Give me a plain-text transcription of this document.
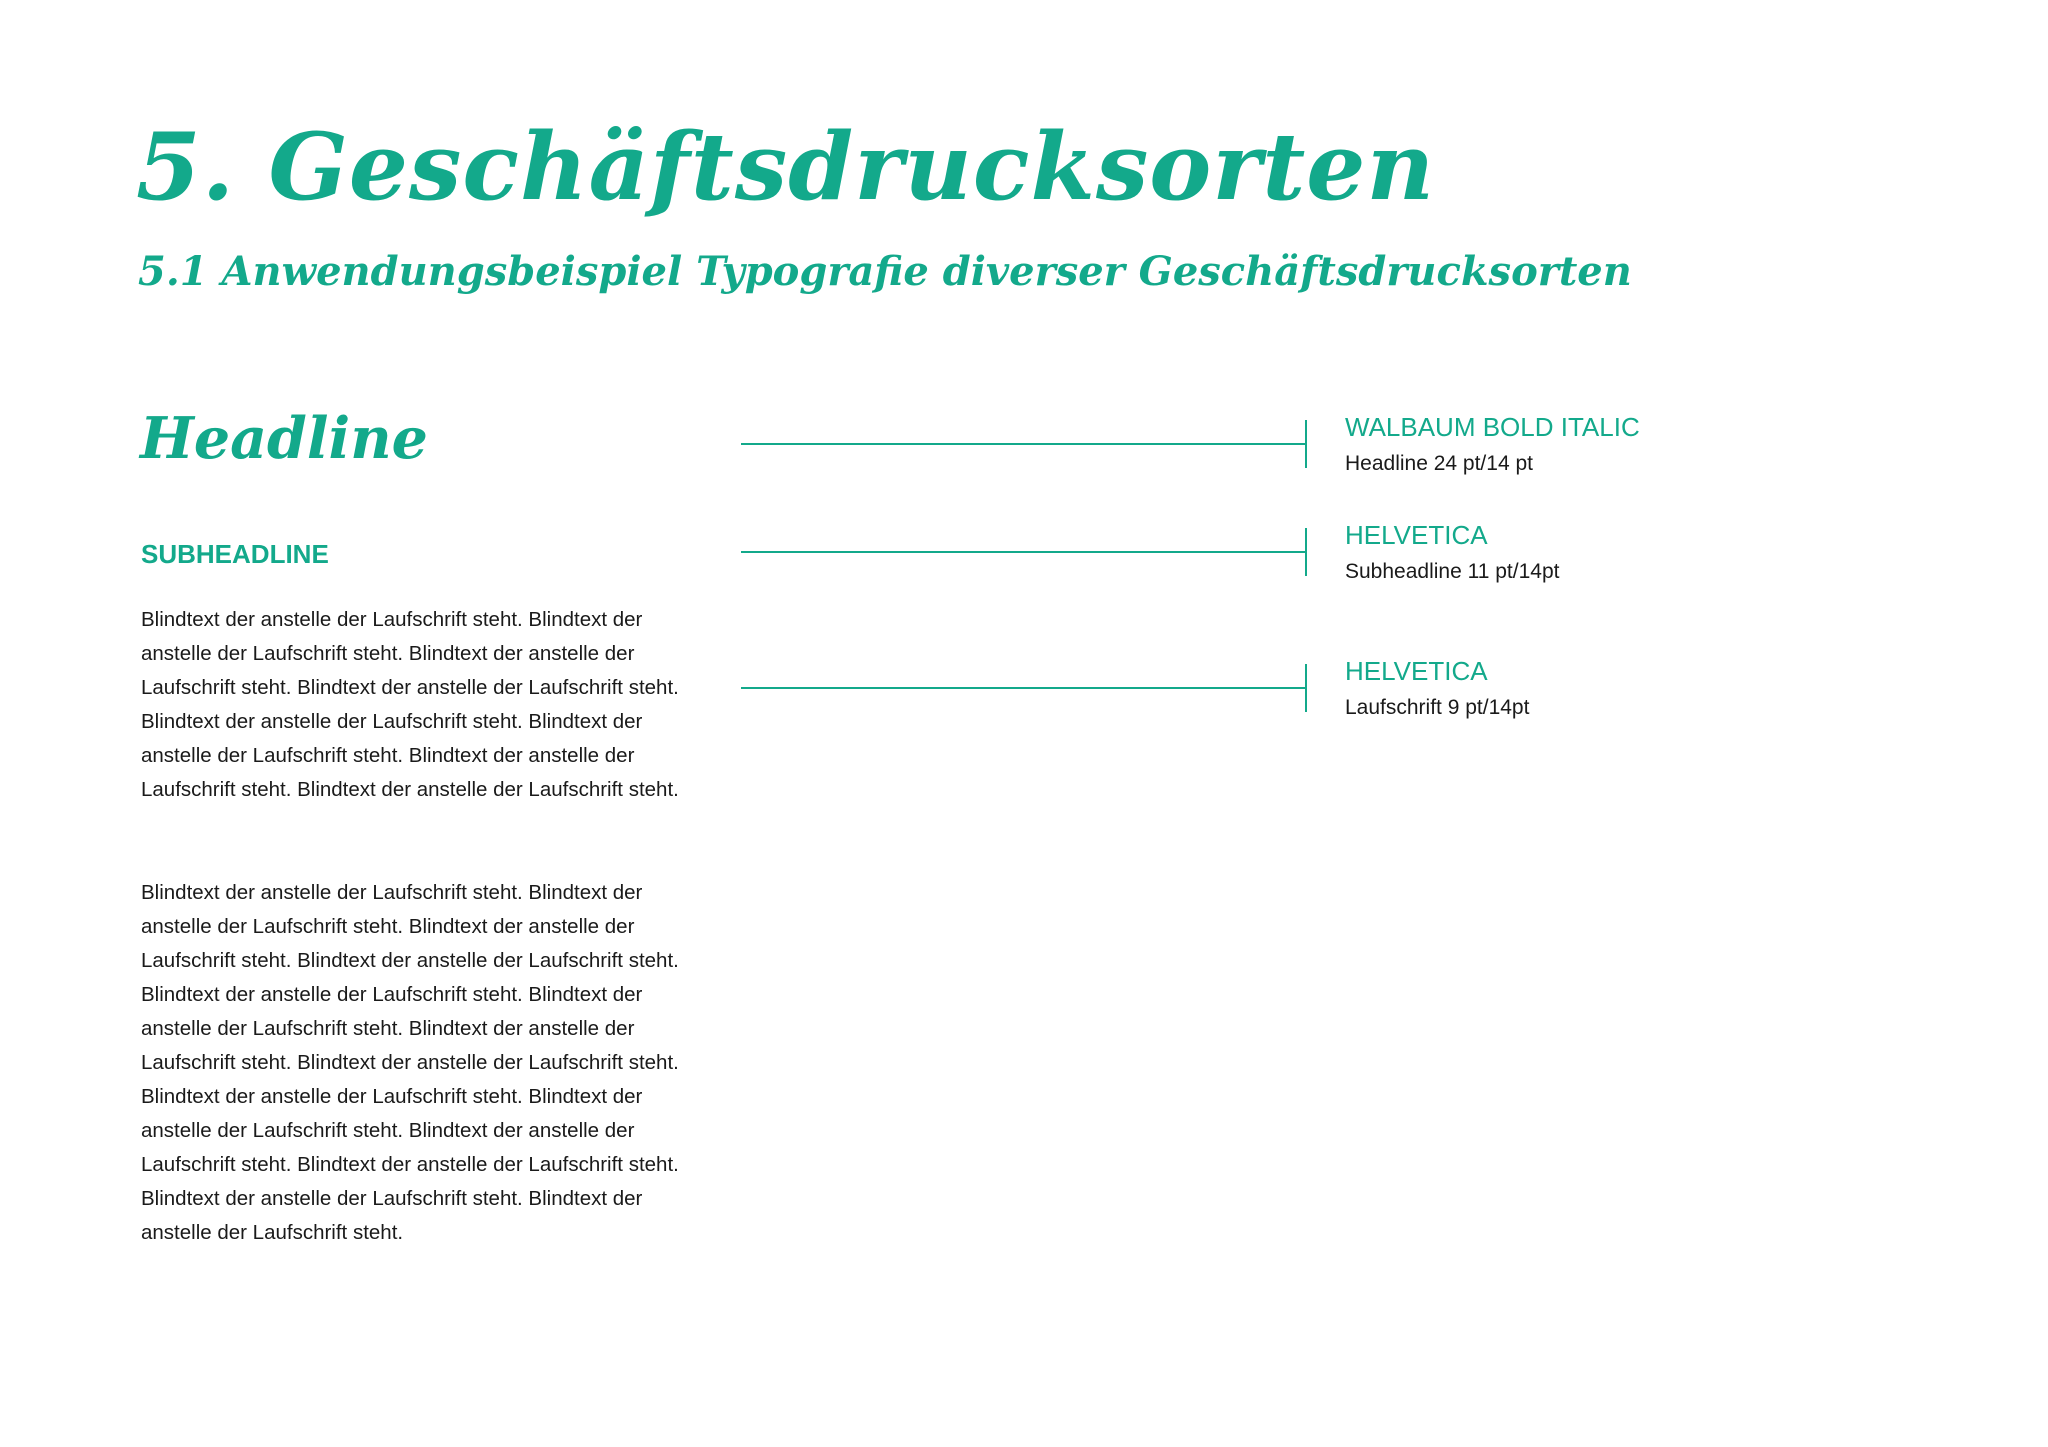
5. Geschäftsdrucksorten
5.1 Anwendungsbeispiel Typografie diverser Geschäftsdrucksorten
Headline
SUBHEADLINE

Blindtext der anstelle der Laufschrift steht. Blindtext der anstelle der Laufschrift steht. Blindtext der anstelle der Laufschrift steht. Blindtext der anstelle der Laufschrift steht. Blindtext der anstelle der Laufschrift steht. Blindtext der anstelle der Laufschrift steht. Blindtext der anstelle der Laufschrift steht. Blindtext der anstelle der Laufschrift steht.

Blindtext der anstelle der Laufschrift steht. Blindtext der anstelle der Laufschrift steht. Blindtext der anstelle der Laufschrift steht. Blindtext der anstelle der Laufschrift steht. Blindtext der anstelle der Laufschrift steht. Blindtext der anstelle der Laufschrift steht. Blindtext der anstelle der Laufschrift steht. Blindtext der anstelle der Laufschrift steht. Blindtext der anstelle der Laufschrift steht. Blindtext der anstelle der Laufschrift steht. Blindtext der anstelle der Laufschrift steht. Blindtext der anstelle der Laufschrift steht. Blindtext der anstelle der Laufschrift steht. Blindtext der anstelle der Laufschrift steht.

WALBAUM BOLD ITALIC

Headline 24 pt/14 pt

HELVETICA

Subheadline 11 pt/14pt

HELVETICA

Laufschrift 9 pt/14pt
